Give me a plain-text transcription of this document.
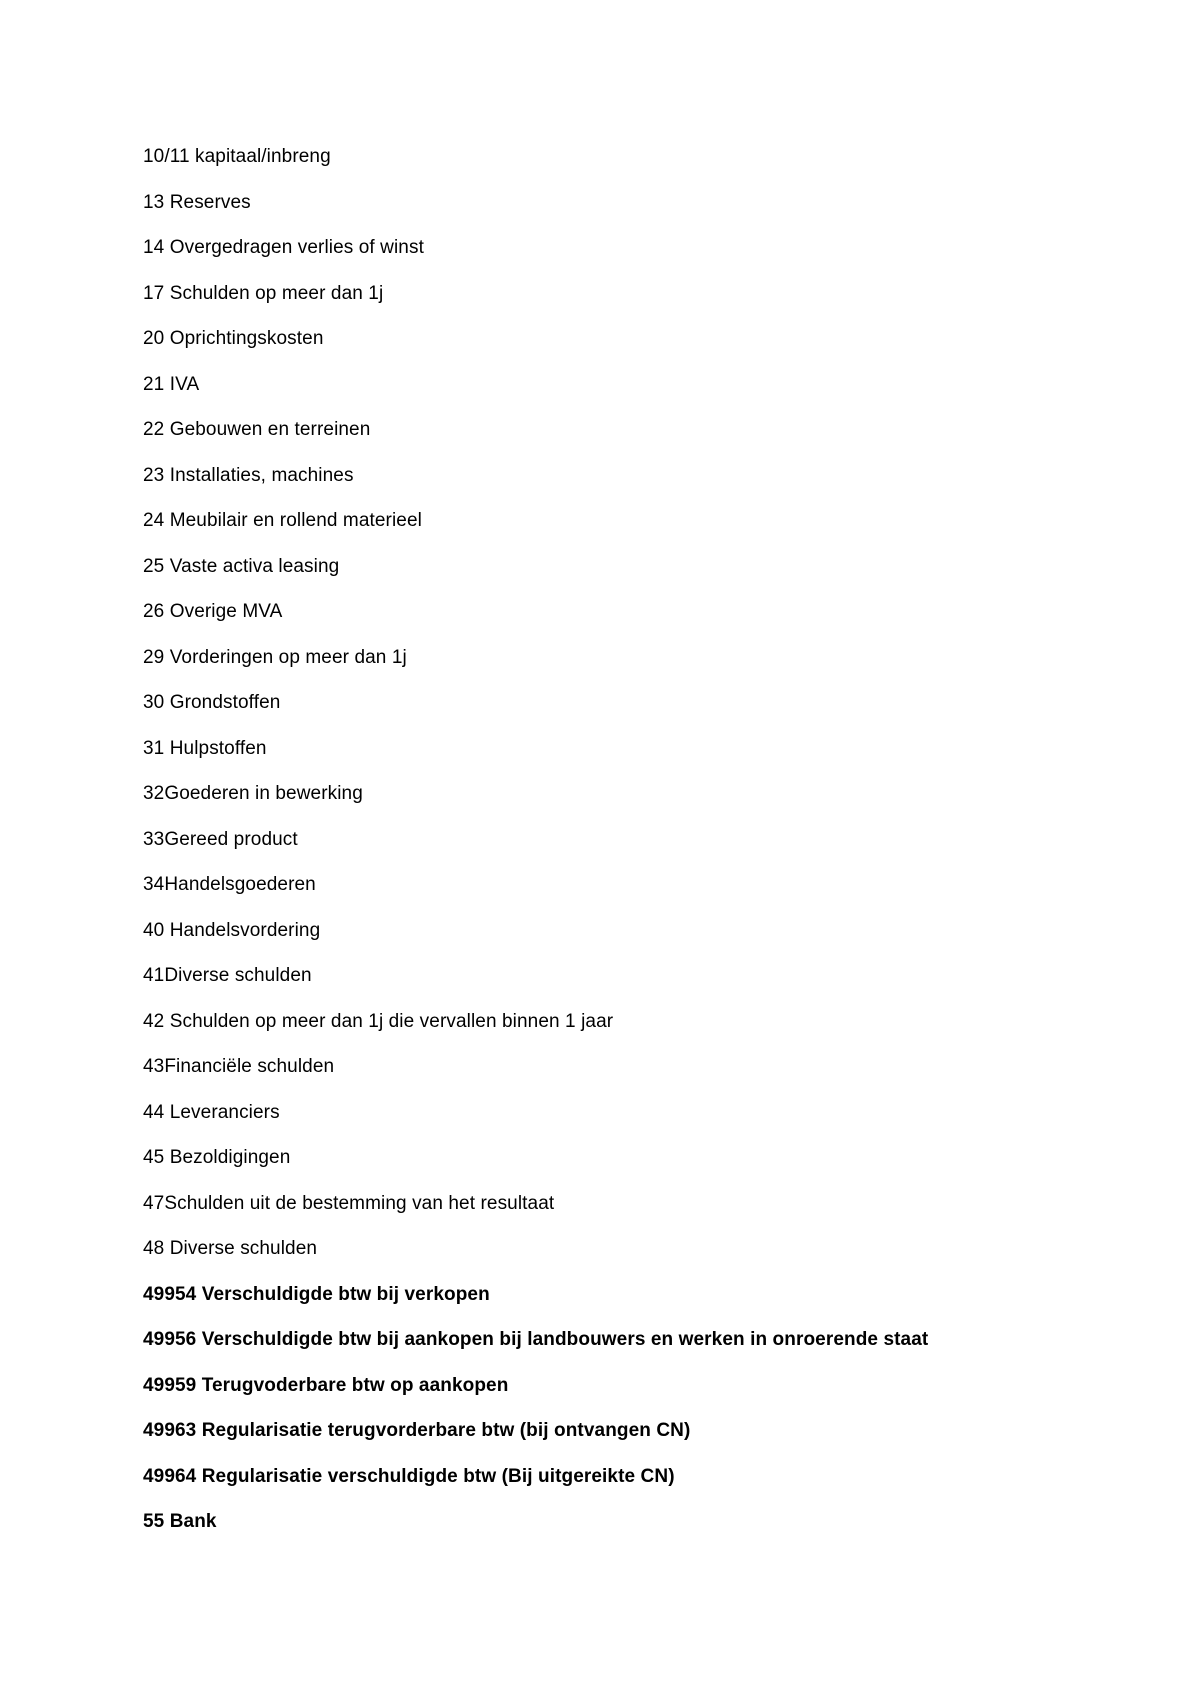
10/11 kapitaal/inbreng
13 Reserves
14 Overgedragen verlies of winst
17 Schulden op meer dan 1j
20 Oprichtingskosten
21 IVA
22 Gebouwen en terreinen
23 Installaties, machines
24 Meubilair en rollend materieel
25 Vaste activa leasing
26 Overige MVA
29 Vorderingen op meer dan 1j
30 Grondstoffen
31 Hulpstoffen
32Goederen in bewerking
33Gereed product
34Handelsgoederen
40 Handelsvordering
41Diverse schulden
42 Schulden op meer dan 1j die vervallen binnen 1 jaar
43Financiële schulden
44 Leveranciers
45 Bezoldigingen
47Schulden uit de bestemming van het resultaat
48 Diverse schulden
49954 Verschuldigde btw bij verkopen
49956 Verschuldigde btw bij aankopen bij landbouwers en werken in onroerende staat
49959 Terugvoderbare btw op aankopen
49963 Regularisatie terugvorderbare btw (bij ontvangen CN)
49964 Regularisatie verschuldigde btw (Bij uitgereikte CN)
55 Bank
